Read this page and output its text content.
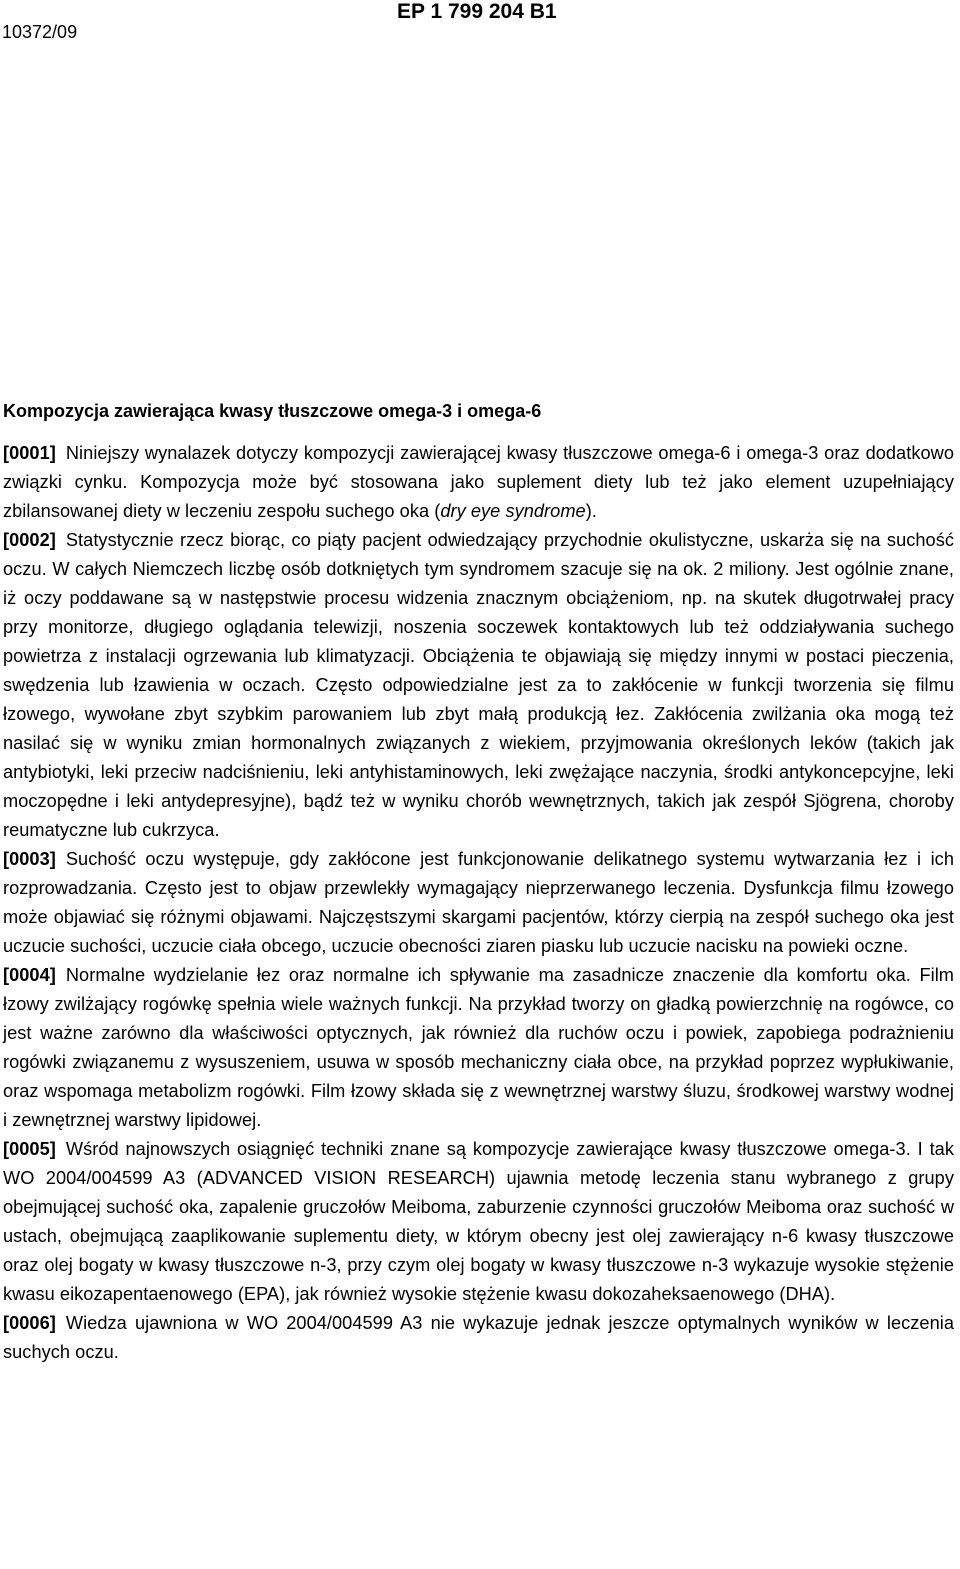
10372/09
EP 1 799 204 B1
Kompozycja zawierająca kwasy tłuszczowe omega-3 i omega-6

[0001] Niniejszy wynalazek dotyczy kompozycji zawierającej kwasy tłuszczowe omega-6 i omega-3 oraz dodatkowo związki cynku. Kompozycja może być stosowana jako suplement diety lub też jako element uzupełniający zbilansowanej diety w leczeniu zespołu suchego oka (dry eye syndrome).

[0002] Statystycznie rzecz biorąc, co piąty pacjent odwiedzający przychodnie okulistyczne, uskarża się na suchość oczu. W całych Niemczech liczbę osób dotkniętych tym syndromem szacuje się na ok. 2 miliony. Jest ogólnie znane, iż oczy poddawane są w następstwie procesu widzenia znacznym obciążeniom, np. na skutek długotrwałej pracy przy monitorze, długiego oglądania telewizji, noszenia soczewek kontaktowych lub też oddziaływania suchego powietrza z instalacji ogrzewania lub klimatyzacji. Obciążenia te objawiają się między innymi w postaci pieczenia, swędzenia lub łzawienia w oczach. Często odpowiedzialne jest za to zakłócenie w funkcji tworzenia się filmu łzowego, wywołane zbyt szybkim parowaniem lub zbyt małą produkcją łez. Zakłócenia zwilżania oka mogą też nasilać się w wyniku zmian hormonalnych związanych z wiekiem, przyjmowania określonych leków (takich jak antybiotyki, leki przeciw nadciśnieniu, leki antyhistaminowych, leki zwężające naczynia, środki antykoncepcyjne, leki moczopędne i leki antydepresyjne), bądź też w wyniku chorób wewnętrznych, takich jak zespół Sjögrena, choroby reumatyczne lub cukrzyca.

[0003] Suchość oczu występuje, gdy zakłócone jest funkcjonowanie delikatnego systemu wytwarzania łez i ich rozprowadzania. Często jest to objaw przewlekły wymagający nieprzerwanego leczenia. Dysfunkcja filmu łzowego może objawiać się różnymi objawami. Najczęstszymi skargami pacjentów, którzy cierpią na zespół suchego oka jest uczucie suchości, uczucie ciała obcego, uczucie obecności ziaren piasku lub uczucie nacisku na powieki oczne.

[0004] Normalne wydzielanie łez oraz normalne ich spływanie ma zasadnicze znaczenie dla komfortu oka. Film łzowy zwilżający rogówkę spełnia wiele ważnych funkcji. Na przykład tworzy on gładką powierzchnię na rogówce, co jest ważne zarówno dla właściwości optycznych, jak również dla ruchów oczu i powiek, zapobiega podrażnieniu rogówki związanemu z wysuszeniem, usuwa w sposób mechaniczny ciała obce, na przykład poprzez wypłukiwanie, oraz wspomaga metabolizm rogówki. Film łzowy składa się z wewnętrznej warstwy śluzu, środkowej warstwy wodnej i zewnętrznej warstwy lipidowej.

[0005] Wśród najnowszych osiągnięć techniki znane są kompozycje zawierające kwasy tłuszczowe omega-3. I tak WO 2004/004599 A3 (ADVANCED VISION RESEARCH) ujawnia metodę leczenia stanu wybranego z grupy obejmującej suchość oka, zapalenie gruczołów Meiboma, zaburzenie czynności gruczołów Meiboma oraz suchość w ustach, obejmującą zaaplikowanie suplementu diety, w którym obecny jest olej zawierający n-6 kwasy tłuszczowe oraz olej bogaty w kwasy tłuszczowe n-3, przy czym olej bogaty w kwasy tłuszczowe n-3 wykazuje wysokie stężenie kwasu eikozapentaenowego (EPA), jak również wysokie stężenie kwasu dokozaheksaenowego (DHA).

[0006] Wiedza ujawniona w WO 2004/004599 A3 nie wykazuje jednak jeszcze optymalnych wyników w leczenia suchych oczu.
